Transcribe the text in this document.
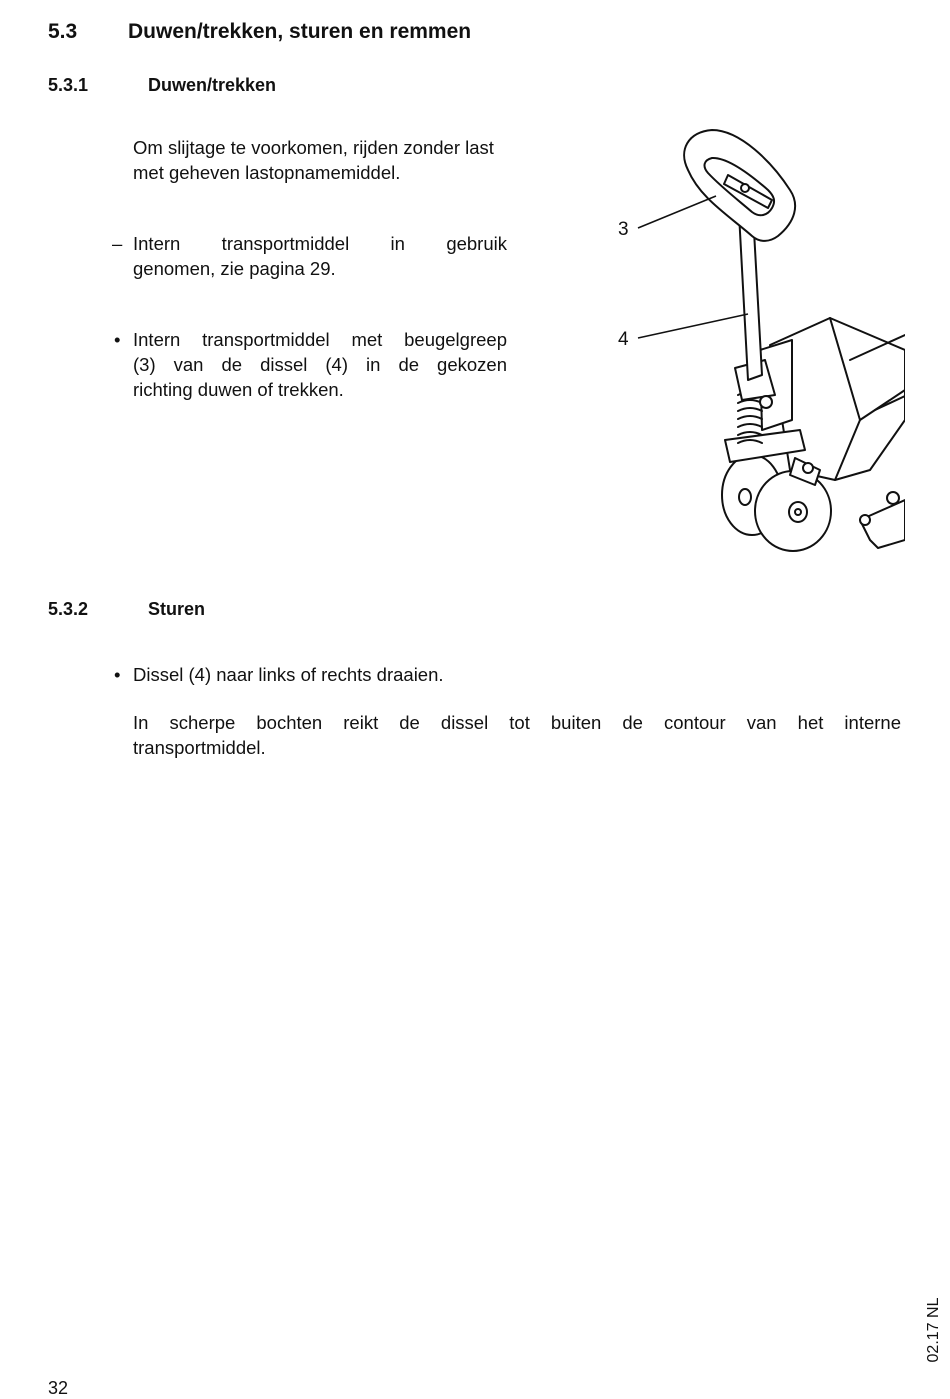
5.3 Duwen/trekken, sturen en remmen
5.3.1	Duwen/trekken
Om slijtage te voorkomen, rijden zonder last met geheven lastopnamemiddel.
– Intern transportmiddel in gebruik
genomen, zie pagina 29.
• Intern transportmiddel met beugelgreep
(3) van de dissel (4) in de gekozen
richting duwen of trekken.
3
4
5.3.2	Sturen
• Dissel (4) naar links of rechts draaien.
In scherpe bochten reikt de dissel tot buiten de contour van het interne
transportmiddel.
02.17 NL
32
